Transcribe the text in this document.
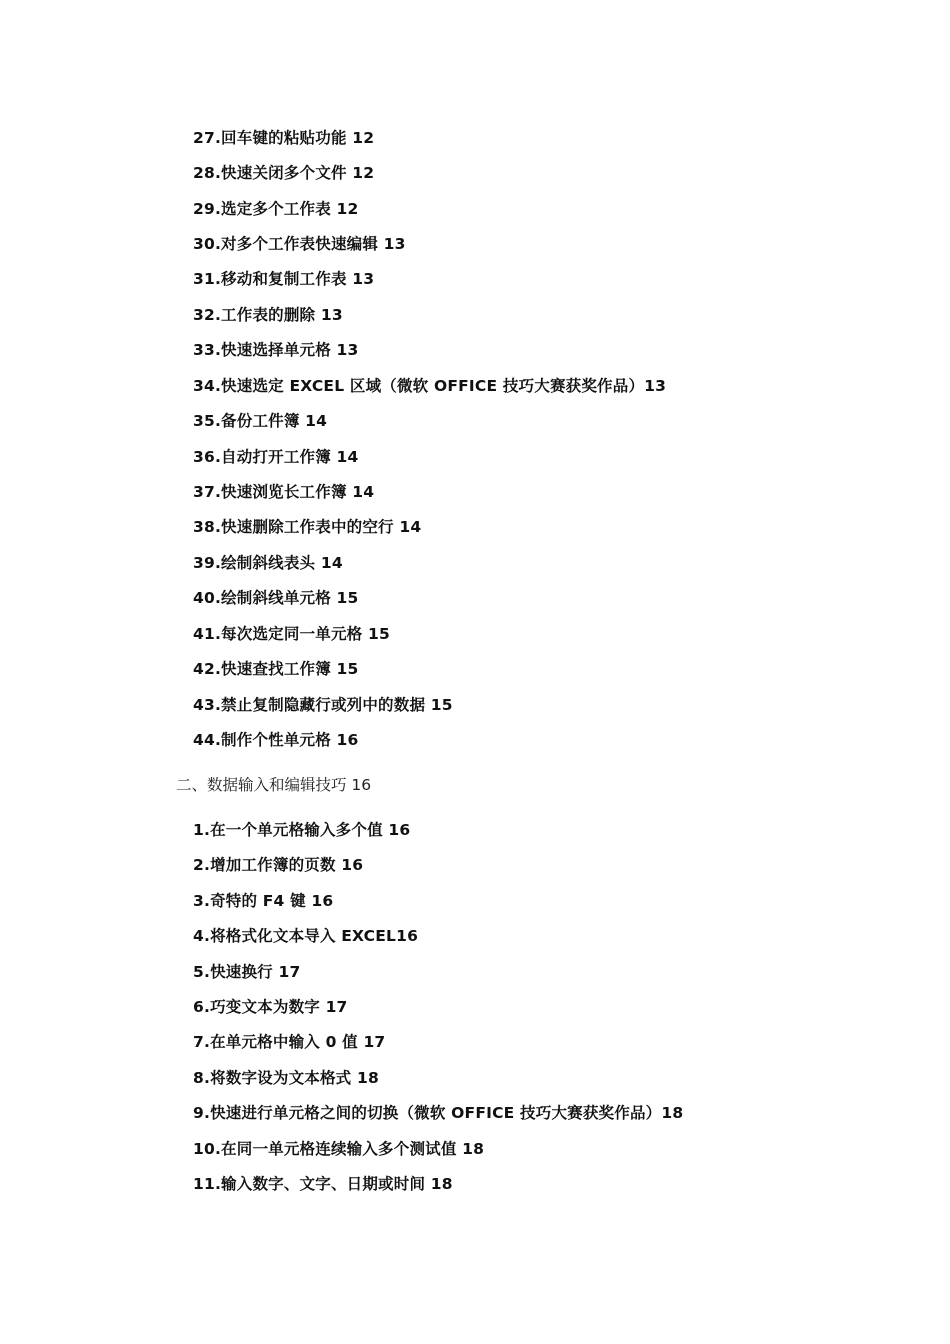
27.回车键的粘贴功能 12
28.快速关闭多个文件 12
29.选定多个工作表 12
30.对多个工作表快速编辑 13
31.移动和复制工作表 13
32.工作表的删除 13
33.快速选择单元格 13
34.快速选定 EXCEL 区域（微软 OFFICE 技巧大赛获奖作品）13
35.备份工件簿 14
36.自动打开工作簿 14
37.快速浏览长工作簿 14
38.快速删除工作表中的空行 14
39.绘制斜线表头 14
40.绘制斜线单元格 15
41.每次选定同一单元格 15
42.快速查找工作簿 15
43.禁止复制隐藏行或列中的数据 15
44.制作个性单元格 16
二、数据输入和编辑技巧 16
1.在一个单元格输入多个值 16
2.增加工作簿的页数 16
3.奇特的 F4 键 16
4.将格式化文本导入 EXCEL16
5.快速换行 17
6.巧变文本为数字 17
7.在单元格中输入 0 值 17
8.将数字设为文本格式 18
9.快速进行单元格之间的切换（微软 OFFICE 技巧大赛获奖作品）18
10.在同一单元格连续输入多个测试值 18
11.输入数字、文字、日期或时间 18
